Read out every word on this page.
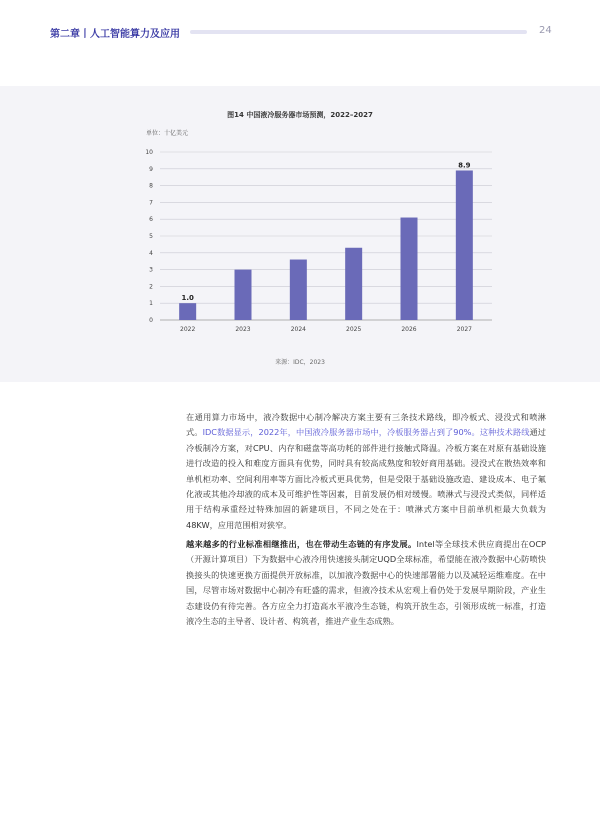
第二章丨人工智能算力及应用	24
图14 中国液冷服务器市场预测，2022–2027
单位：十亿美元
0
1
2
3
4
5
6
7
8
9
10
2022
1.0
2023	2024	2025	2026	2027
8.9
来源：IDC，2023
在通用算力市场中，液冷数据中心制冷解决方案主要有三条技术路线，即冷板式、浸没式和喷淋式。IDC数据显示，2022年，中国液冷服务器市场中，冷板服务器占到了90%。这种技术路线通过冷板制冷方案，对CPU、内存和磁盘等高功耗的部件进行接触式降温。冷板方案在对原有基础设施进行改造的投入和难度方面具有优势，同时具有较高成熟度和较好商用基础。浸没式在散热效率和单机柜功率、空间利用率等方面比冷板式更具优势，但是受限于基础设施改造、建设成本、电子氟化液或其他冷却液的成本及可维护性等因素，目前发展仍相对缓慢。喷淋式与浸没式类似，同样适用于结构承重经过特殊加固的新建项目，不同之处在于：喷淋式方案中目前单机柜最大负载为48KW，应用范围相对狭窄。
越来越多的行业标准相继推出，也在带动生态链的有序发展。Intel等全球技术供应商提出在OCP（开源计算项目）下为数据中心液冷用快速接头制定UQD全球标准，希望能在液冷数据中心防喷快换接头的快速更换方面提供开放标准，以加液冷数据中心的快速部署能力以及减轻运维难度。在中国，尽管市场对数据中心制冷有旺盛的需求，但液冷技术从宏观上看仍处于发展早期阶段，产业生态建设仍有待完善。各方应全力打造高水平液冷生态链，构筑开放生态，引领形成统一标准，打造液冷生态的主导者、设计者、构筑者，推进产业生态成熟。
